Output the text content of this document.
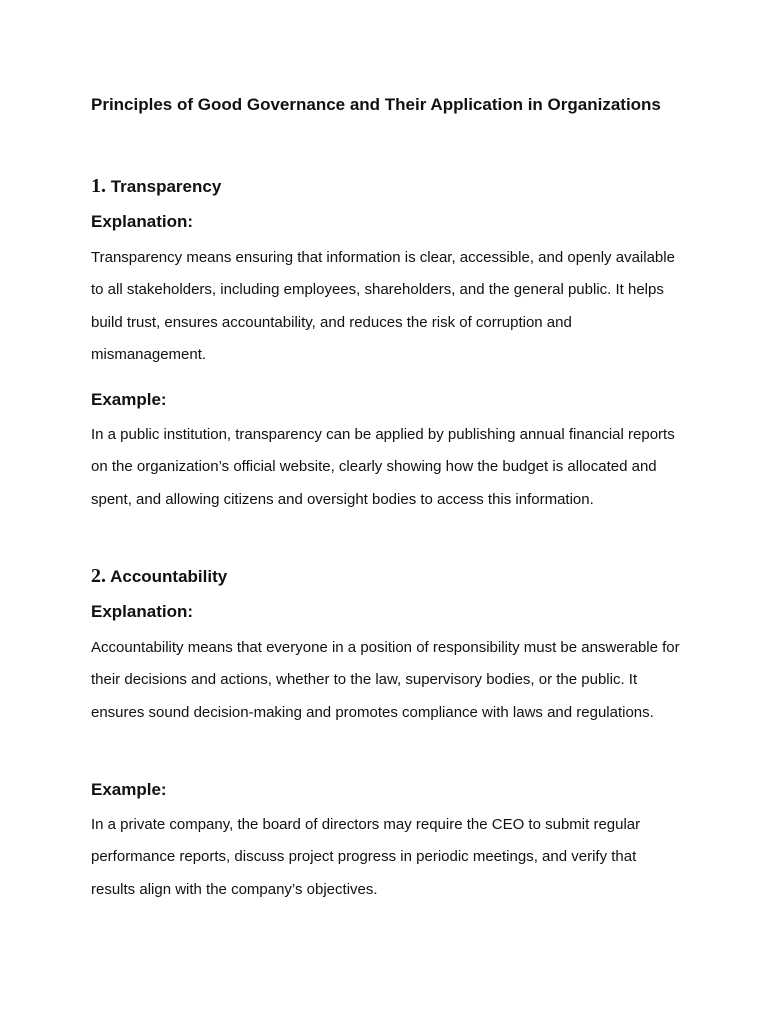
Principles of Good Governance and Their Application in Organizations
1. Transparency
Explanation:

Transparency means ensuring that information is clear, accessible, and openly available to all stakeholders, including employees, shareholders, and the general public. It helps build trust, ensures accountability, and reduces the risk of corruption and mismanagement.

Example:

In a public institution, transparency can be applied by publishing annual financial reports on the organization’s official website, clearly showing how the budget is allocated and spent, and allowing citizens and oversight bodies to access this information.

2. Accountability
Explanation:

Accountability means that everyone in a position of responsibility must be answerable for their decisions and actions, whether to the law, supervisory bodies, or the public. It ensures sound decision-making and promotes compliance with laws and regulations.

Example:

In a private company, the board of directors may require the CEO to submit regular performance reports, discuss project progress in periodic meetings, and verify that results align with the company’s objectives.
